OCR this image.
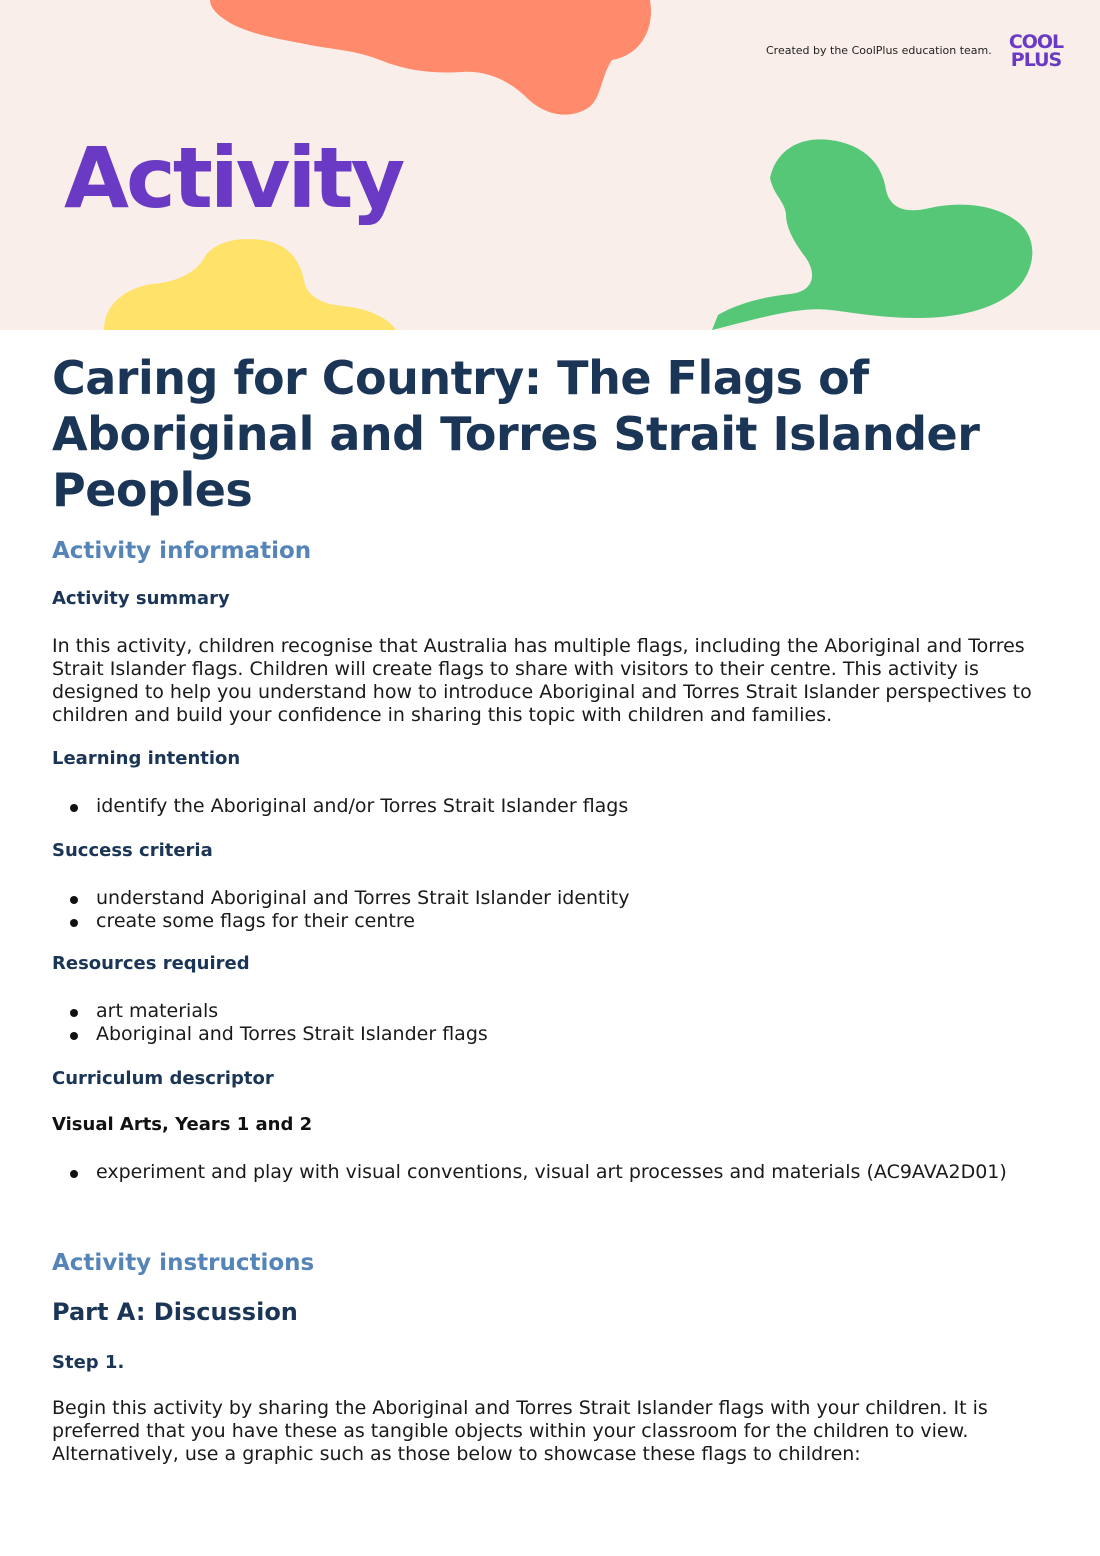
Created by the CoolPlus education team. COOL
PLUS
Activity
Caring for Country: The Flags of Aboriginal and Torres Strait Islander Peoples
Activity information
Activity summary

In this activity, children recognise that Australia has multiple flags, including the Aboriginal and Torres Strait Islander flags. Children will create flags to share with visitors to their centre. This activity is designed to help you understand how to introduce Aboriginal and Torres Strait Islander perspectives to children and build your confidence in sharing this topic with children and families.

Learning intention
identify the Aboriginal and/or Torres Strait Islander flags
Success criteria
understand Aboriginal and Torres Strait Islander identity
create some flags for their centre
Resources required
art materials
Aboriginal and Torres Strait Islander flags
Curriculum descriptor
Visual Arts, Years 1 and 2
experiment and play with visual conventions, visual art processes and materials (AC9AVA2D01)
Activity instructions
Part A: Discussion
Step 1.

Begin this activity by sharing the Aboriginal and Torres Strait Islander flags with your children. It is preferred that you have these as tangible objects within your classroom for the children to view. Alternatively, use a graphic such as those below to showcase these flags to children:
